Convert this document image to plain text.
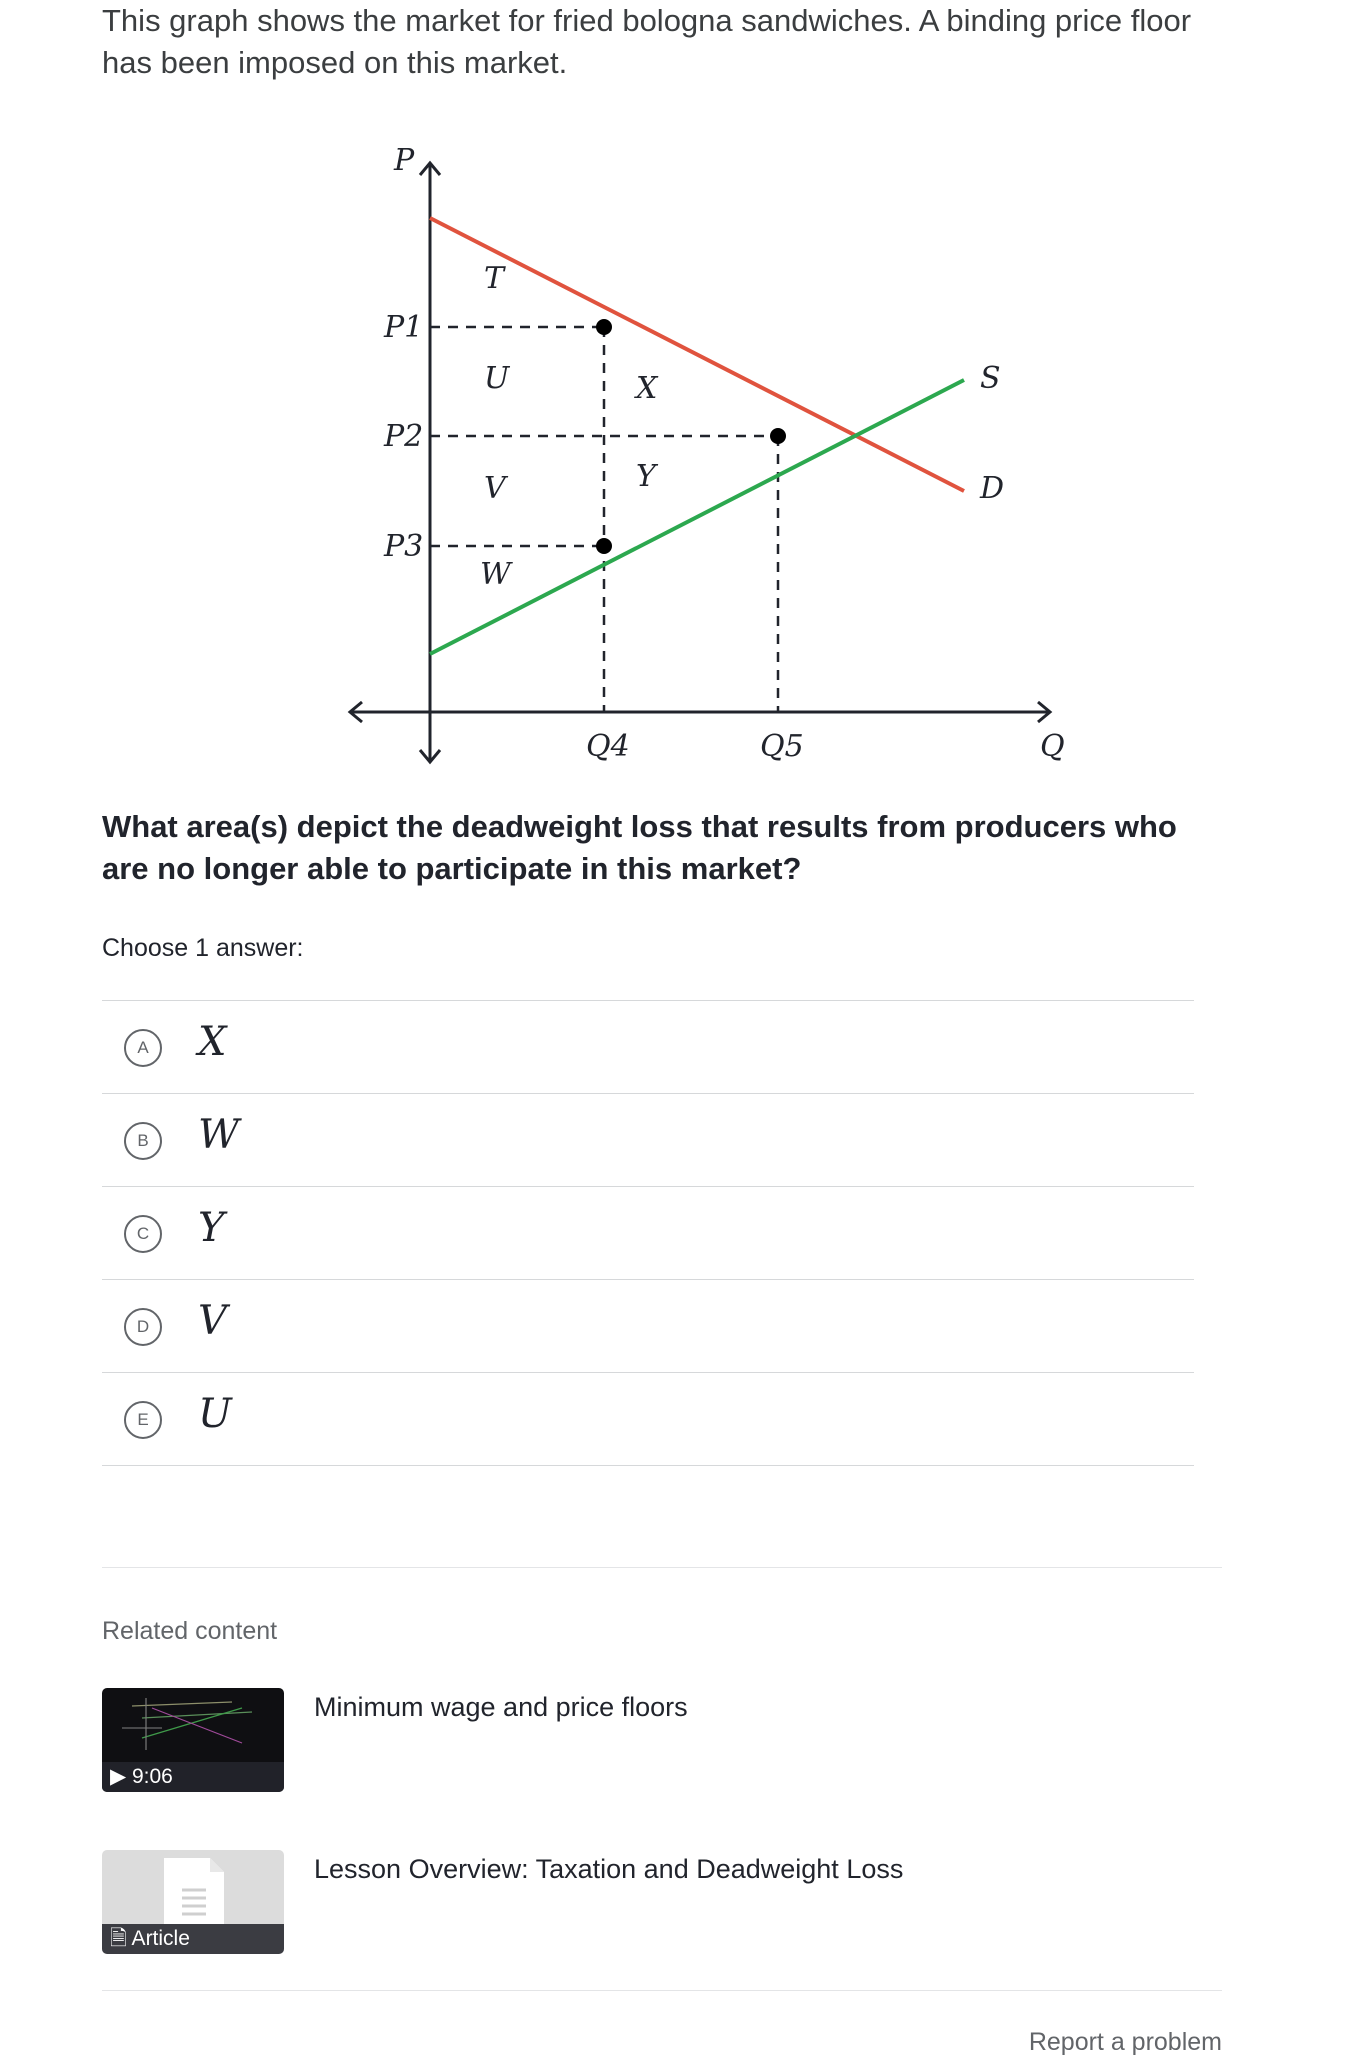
This graph shows the market for fried bologna sandwiches. A binding price floor has been imposed on this market.

P
Q
P1
P2
P3
Q4	Q5
S
D
T
U
V
W
X
Y

What area(s) depict the deadweight loss that results from producers who are no longer able to participate in this market?

Choose 1 answer:
A	X
B	W
C	Y
D	V
E	U
Related content
▶ 9:06
Minimum wage and price floors
🗎 Article
Lesson Overview: Taxation and Deadweight Loss
Report a problem
